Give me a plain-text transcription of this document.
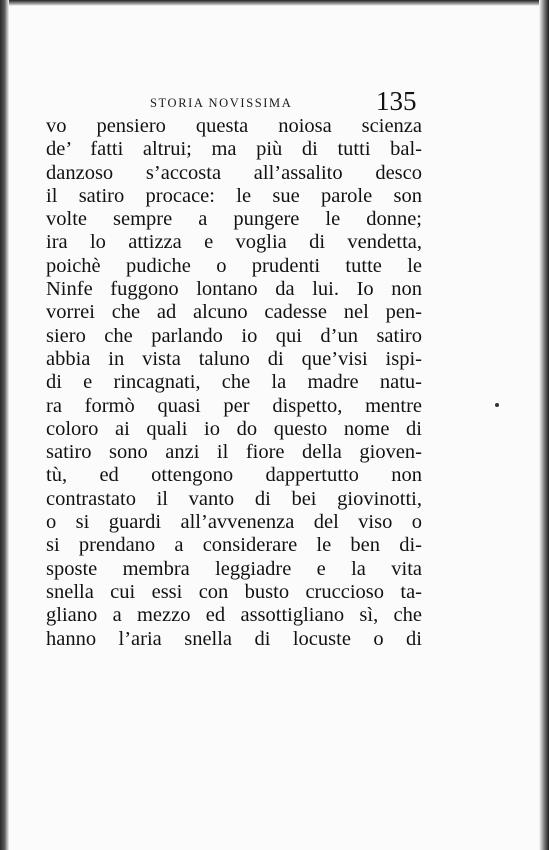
STORIA NOVISSIMA	135
vo pensiero questa noiosa scienza
de’ fatti altrui; ma più di tutti bal-
danzoso s’accosta all’assalito desco
il satiro procace: le sue parole son
volte sempre a pungere le donne;
ira lo attizza e voglia di vendetta,
poichè pudiche o prudenti tutte le
Ninfe fuggono lontano da lui. Io non
vorrei che ad alcuno cadesse nel pen-
siero che parlando io qui d’un satiro
abbia in vista taluno di que’visi ispi-
di e rincagnati, che la madre natu-
ra formò quasi per dispetto, mentre
coloro ai quali io do questo nome di
satiro sono anzi il fiore della gioven-
tù, ed ottengono dappertutto non
contrastato il vanto di bei giovinotti,
o si guardi all’avvenenza del viso o
si prendano a considerare le ben di-
sposte membra leggiadre e la vita
snella cui essi con busto cruccioso ta-
gliano a mezzo ed assottigliano sì, che
hanno l’aria snella di locuste o di
